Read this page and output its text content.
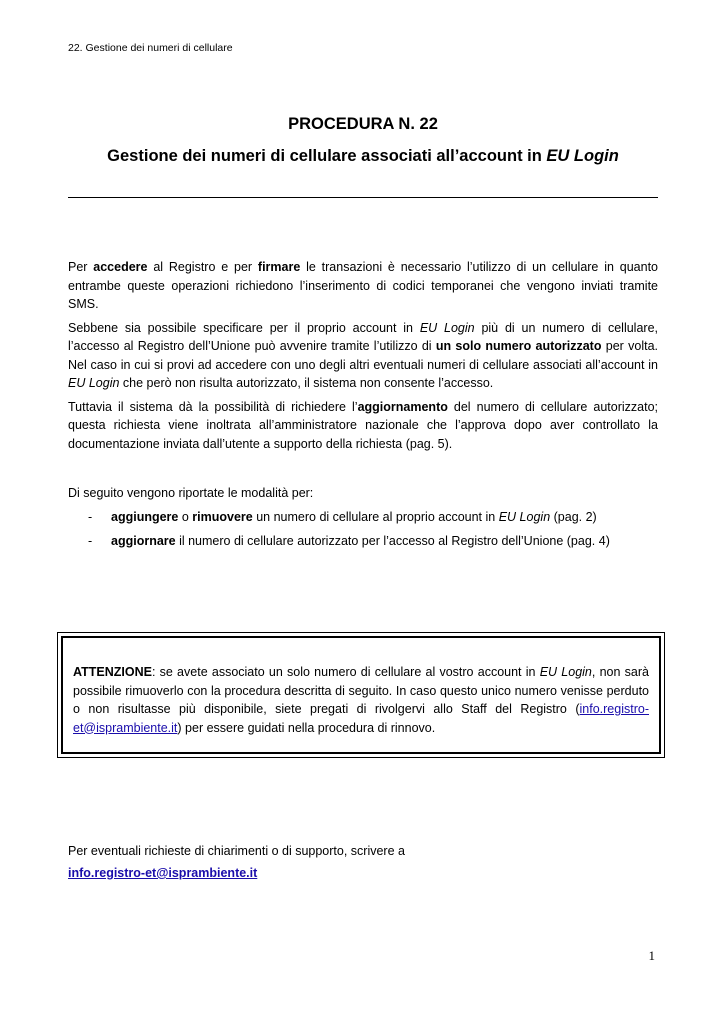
22. Gestione dei numeri di cellulare

PROCEDURA N. 22

Gestione dei numeri di cellulare associati all’account in EU Login

Per accedere al Registro e per firmare le transazioni è necessario l’utilizzo di un cellulare in quanto entrambe queste operazioni richiedono l’inserimento di codici temporanei che vengono inviati tramite SMS.

Sebbene sia possibile specificare per il proprio account in EU Login più di un numero di cellulare, l’accesso al Registro dell’Unione può avvenire tramite l’utilizzo di un solo numero autorizzato per volta. Nel caso in cui si provi ad accedere con uno degli altri eventuali numeri di cellulare associati all’account in EU Login che però non risulta autorizzato, il sistema non consente l’accesso.

Tuttavia il sistema dà la possibilità di richiedere l’aggiornamento del numero di cellulare autorizzato; questa richiesta viene inoltrata all’amministratore nazionale che l’approva dopo aver controllato la documentazione inviata dall’utente a supporto della richiesta (pag. 5).

Di seguito vengono riportate le modalità per:
- aggiungere o rimuovere un numero di cellulare al proprio account in EU Login (pag. 2)
- aggiornare il numero di cellulare autorizzato per l’accesso al Registro dell’Unione (pag. 4)
ATTENZIONE: se avete associato un solo numero di cellulare al vostro account in EU Login, non sarà possibile rimuoverlo con la procedura descritta di seguito. In caso questo unico numero venisse perduto o non risultasse più disponibile, siete pregati di rivolgervi allo Staff del Registro (info.registro-et@isprambiente.it) per essere guidati nella procedura di rinnovo.
Per eventuali richieste di chiarimenti o di supporto, scrivere a
info.registro-et@isprambiente.it
1
